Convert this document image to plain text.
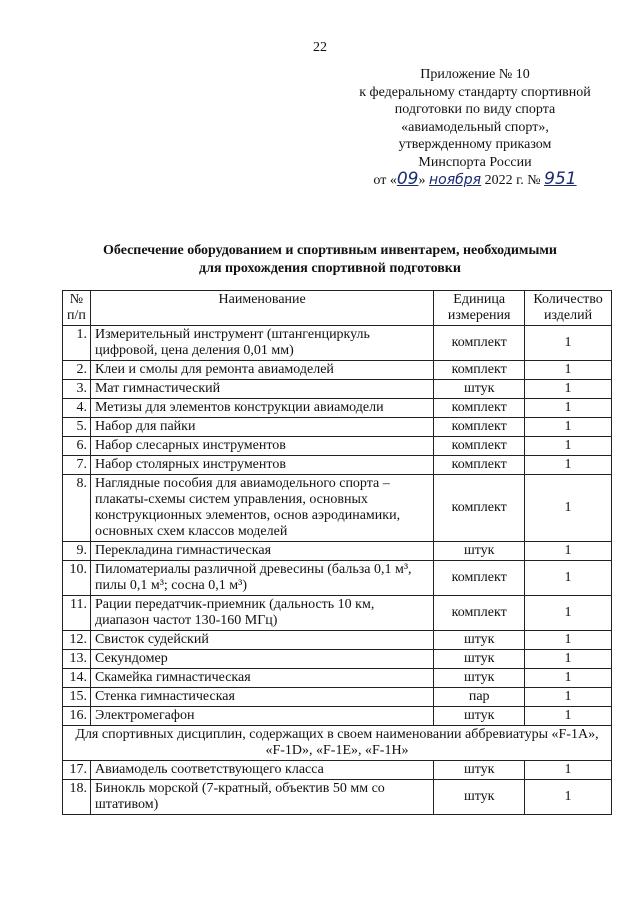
22
Приложение № 10
к федеральному стандарту спортивной
подготовки по виду спорта
«авиамодельный спорт»,
утвержденному приказом
Минспорта России
от «09» ноября 2022 г. № 951
Обеспечение оборудованием и спортивным инвентарем, необходимыми
для прохождения спортивной подготовки
№ п/п	Наименование	Единица измерения	Количество изделий
1.	Измерительный инструмент (штангенциркуль цифровой, цена деления 0,01 мм)	комплект	1
2.	Клеи и смолы для ремонта авиамоделей	комплект	1
3.	Мат гимнастический	штук	1
4.	Метизы для элементов конструкции авиамодели	комплект	1
5.	Набор для пайки	комплект	1
6.	Набор слесарных инструментов	комплект	1
7.	Набор столярных инструментов	комплект	1
8.	Наглядные пособия для авиамодельного спорта – плакаты-схемы систем управления, основных конструкционных элементов, основ аэродинамики, основных схем классов моделей	комплект	1
9.	Перекладина гимнастическая	штук	1
10.	Пиломатериалы различной древесины (бальза 0,1 м³, пилы 0,1 м³; сосна 0,1 м³)	комплект	1
11.	Рации передатчик-приемник (дальность 10 км, диапазон частот 130-160 МГц)	комплект	1
12.	Свисток судейский	штук	1
13.	Секундомер	штук	1
14.	Скамейка гимнастическая	штук	1
15.	Стенка гимнастическая	пар	1
16.	Электромегафон	штук	1
Для спортивных дисциплин, содержащих в своем наименовании аббревиатуры «F-1A», «F-1D», «F-1E», «F-1H»			
17.	Авиамодель соответствующего класса	штук	1
18.	Бинокль морской (7-кратный, объектив 50 мм со штативом)	штук	1
